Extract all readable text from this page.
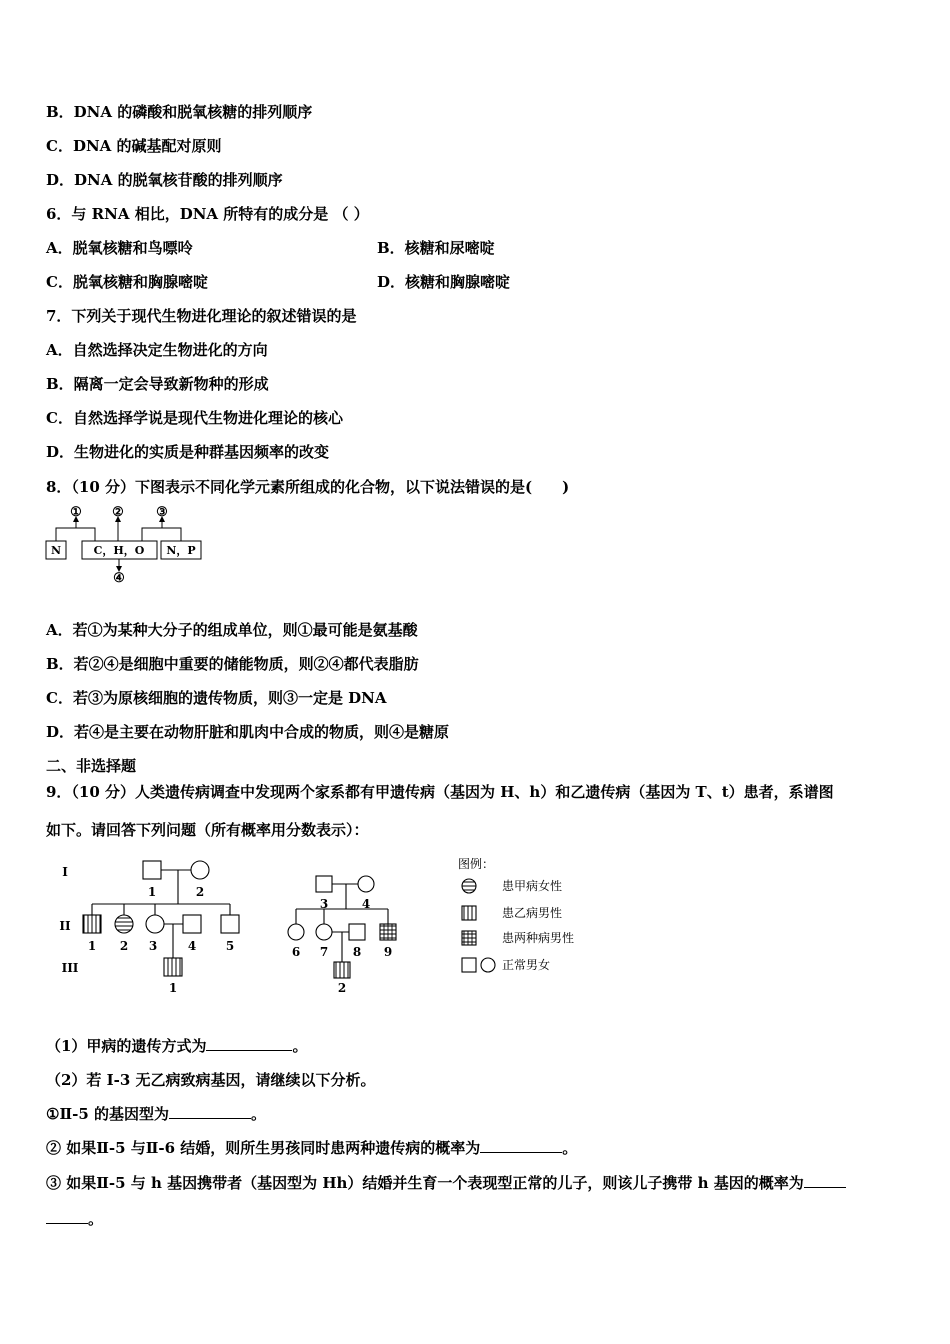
B．DNA 的磷酸和脱氧核糖的排列顺序
C．DNA 的碱基配对原则
D．DNA 的脱氧核苷酸的排列顺序
6．与 RNA 相比，DNA 所特有的成分是 （ ）
A．脱氧核糖和鸟嘌呤	B．核糖和尿嘧啶
C．脱氧核糖和胸腺嘧啶	D．核糖和胸腺嘧啶
7．下列关于现代生物进化理论的叙述错误的是
A．自然选择决定生物进化的方向
B．隔离一定会导致新物种的形成
C．自然选择学说是现代生物进化理论的核心
D．生物进化的实质是种群基因频率的改变
8．（10 分）下图表示不同化学元素所组成的化合物，以下说法错误的是(　　)
N	C，H，O N，P
① ② ③
④
A．若①为某种大分子的组成单位，则①最可能是氨基酸
B．若②④是细胞中重要的储能物质，则②④都代表脂肪
C．若③为原核细胞的遗传物质，则③一定是 DNA
D．若④是主要在动物肝脏和肌肉中合成的物质，则④是糖原
二、非选择题
9．（10 分）人类遗传病调查中发现两个家系都有甲遗传病（基因为 H、h）和乙遗传病（基因为 T、t）患者，系谱图
如下。请回答下列问题（所有概率用分数表示）：
I
II
III
1	2
1 2 3	4 5
1
3	4
6 7 8 9
2
图例：
患甲病女性
患乙病男性
患两种病男性
正常男女
（1）甲病的遗传方式为	。
（2）若 I-3 无乙病致病基因，请继续以下分析。
①Ⅱ-5 的基因型为	。
② 如果Ⅱ-5 与Ⅱ-6 结婚，则所生男孩同时患两种遗传病的概率为	。
③ 如果Ⅱ-5 与 h 基因携带者（基因型为 Hh）结婚并生育一个表现型正常的儿子，则该儿子携带 h 基因的概率为
。
